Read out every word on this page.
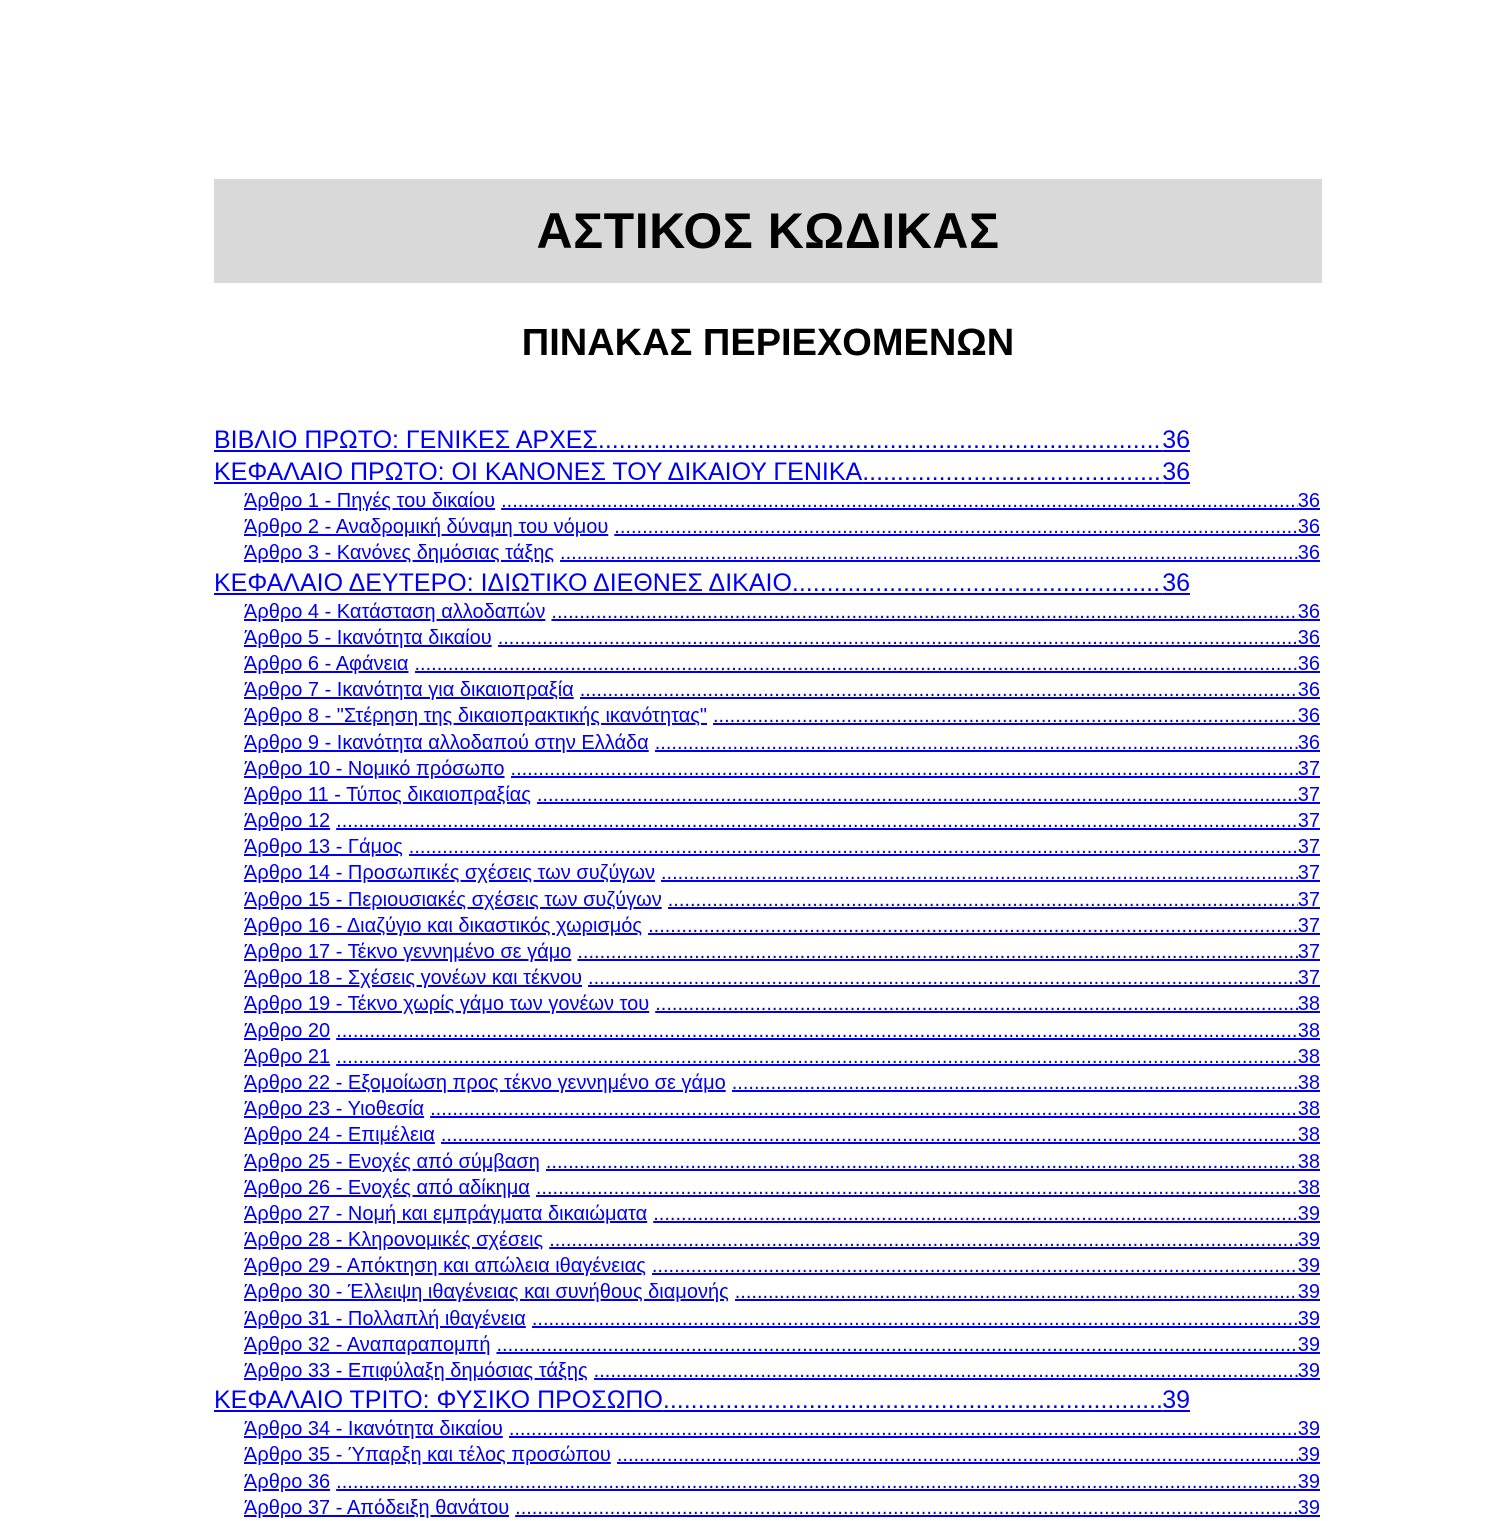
ΑΣΤΙΚΟΣ ΚΩΔΙΚΑΣ
ΠΙΝΑΚΑΣ ΠΕΡΙΕΧΟΜΕΝΩΝ
ΒΙΒΛΙΟ ΠΡΩΤΟ: ΓΕΝΙΚΕΣ ΑΡΧΕΣ .....	36
ΚΕΦΑΛΑΙΟ ΠΡΩΤΟ: ΟΙ ΚΑΝΟΝΕΣ ΤΟΥ ΔΙΚΑΙΟΥ ΓΕΝΙΚΑ .....	36
Άρθρο 1 - Πηγές του δικαίου .....	36
Άρθρο 2 - Αναδρομική δύναμη του νόμου .....	36
Άρθρο 3 - Κανόνες δημόσιας τάξης .....	36
ΚΕΦΑΛΑΙΟ ΔΕΥΤΕΡΟ: ΙΔΙΩΤΙΚΟ ΔΙΕΘΝΕΣ ΔΙΚΑΙΟ .....	36
Άρθρο 4 - Κατάσταση αλλοδαπών .....	36
Άρθρο 5 - Ικανότητα δικαίου .....	36
Άρθρο 6 - Αφάνεια .....	36
Άρθρο 7 - Ικανότητα για δικαιοπραξία .....	36
Άρθρο 8 - "Στέρηση της δικαιοπρακτικής ικανότητας" .....	36
Άρθρο 9 - Ικανότητα αλλοδαπού στην Ελλάδα .....	36
Άρθρο 10 - Νομικό πρόσωπο .....	37
Άρθρο 11 - Τύπος δικαιοπραξίας .....	37
Άρθρο 12 .....	37
Άρθρο 13 - Γάμος .....	37
Άρθρο 14 - Προσωπικές σχέσεις των συζύγων .....	37
Άρθρο 15 - Περιουσιακές σχέσεις των συζύγων .....	37
Άρθρο 16 - Διαζύγιο και δικαστικός χωρισμός .....	37
Άρθρο 17 - Τέκνο γεννημένο σε γάμο .....	37
Άρθρο 18 - Σχέσεις γονέων και τέκνου .....	37
Άρθρο 19 - Τέκνο χωρίς γάμο των γονέων του .....	38
Άρθρο 20 .....	38
Άρθρο 21 .....	38
Άρθρο 22 - Εξομοίωση προς τέκνο γεννημένο σε γάμο .....	38
Άρθρο 23 - Υιοθεσία .....	38
Άρθρο 24 - Επιμέλεια .....	38
Άρθρο 25 - Ενοχές από σύμβαση .....	38
Άρθρο 26 - Ενοχές από αδίκημα .....	38
Άρθρο 27 - Νομή και εμπράγματα δικαιώματα .....	39
Άρθρο 28 - Κληρονομικές σχέσεις .....	39
Άρθρο 29 - Απόκτηση και απώλεια ιθαγένειας .....	39
Άρθρο 30 - Έλλειψη ιθαγένειας και συνήθους διαμονής .....	39
Άρθρο 31 - Πολλαπλή ιθαγένεια .....	39
Άρθρο 32 - Αναπαραπομπή .....	39
Άρθρο 33 - Επιφύλαξη δημόσιας τάξης .....	39
ΚΕΦΑΛΑΙΟ ΤΡΙΤΟ: ΦΥΣΙΚΟ ΠΡΟΣΩΠΟ .....	39
Άρθρο 34 - Ικανότητα δικαίου .....	39
Άρθρο 35 - Ύπαρξη και τέλος προσώπου .....	39
Άρθρο 36 .....	39
Άρθρο 37 - Απόδειξη θανάτου .....	39
